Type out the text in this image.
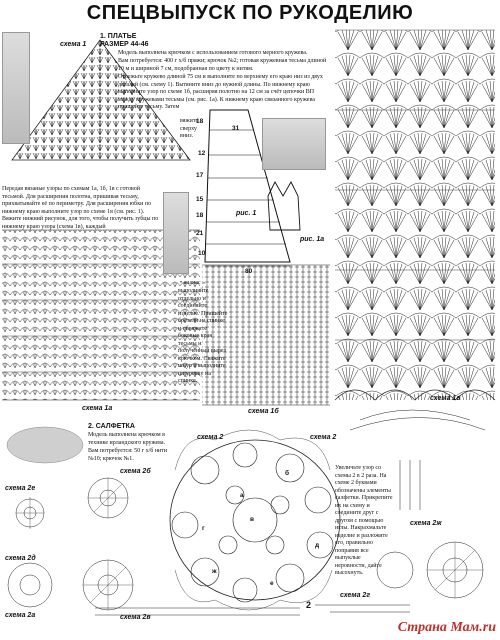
СПЕЦВЫПУСК ПО РУКОДЕЛИЮ
1. ПЛАТЬЕ
РАЗМЕР 44-46
Модель выполнена крючком с использованием готового мерного кружева.
Вам потребуется: 400 г х/б пряжи; крючок №2; готовая кружевная тесьма длиной 10 м и шириной 7 см, подобранная по цвету к нитям.
Отрежьте кружево длиной 75 см и выполните по верхнему его краю низ из двух деталей (см. схему 1). Вытяните вниз до нужной длины. По нижнему краю выполните узор по схеме 1б, расширяя полотно на 12 см за счёт цепочки ВП между кружевами тесьмы (см. рис. 1а). К нижнему краю связанного кружева пришейте тесьму. Затем
вяжите сверху вниз.
Передав вязаные узоры по схемам 1а, 1б, 1в с готовой тесьмой. Для расширения полотна, пришивая тесьму, прихватывайте её по периметру. Для расширения юбки по нижнему краю выполните узор по схеме 1в (см. рис. 1). Вяжите нижний рисунок, для того, чтобы получить зубцы по нижнему краю узора (схема 1в), каждый
• ананас »
выполняйте отдельно и соединяйте изделие. Пришейте бретели на спинке и обвяжите боковые края тесьмы и полученный вырез крючком. Свяжите шнур и выполните шнуровку на спинке.
схема 1
схема 1а	схема 1б
схема 1в
рис. 1
рис. 1а
18
12
31
17
15
18
21
10
80
2. САЛФЕТКА
Модель выполнена крючком в технике ирландского кружева.
Вам потребуется: 50 г х/б нити №10; крючок №1.
Увеличьте узор со схемы 2 в 2 раза. На схеме 2 буквами обозначены элементы салфетки. Прикрепите их на схему и соедините друг с другом с помощью иглы. Накрахмальте изделие и разложите его, правильно поправив все выпуклые неровности, дайте высохнуть.
схема 2	схема 2
схема 2а
схема 2б
схема 2в
схема 2г
схема 2д
схема 2е
схема 2ж
а
б
в
г
д
е
ж
2
Страна Мам.ru
